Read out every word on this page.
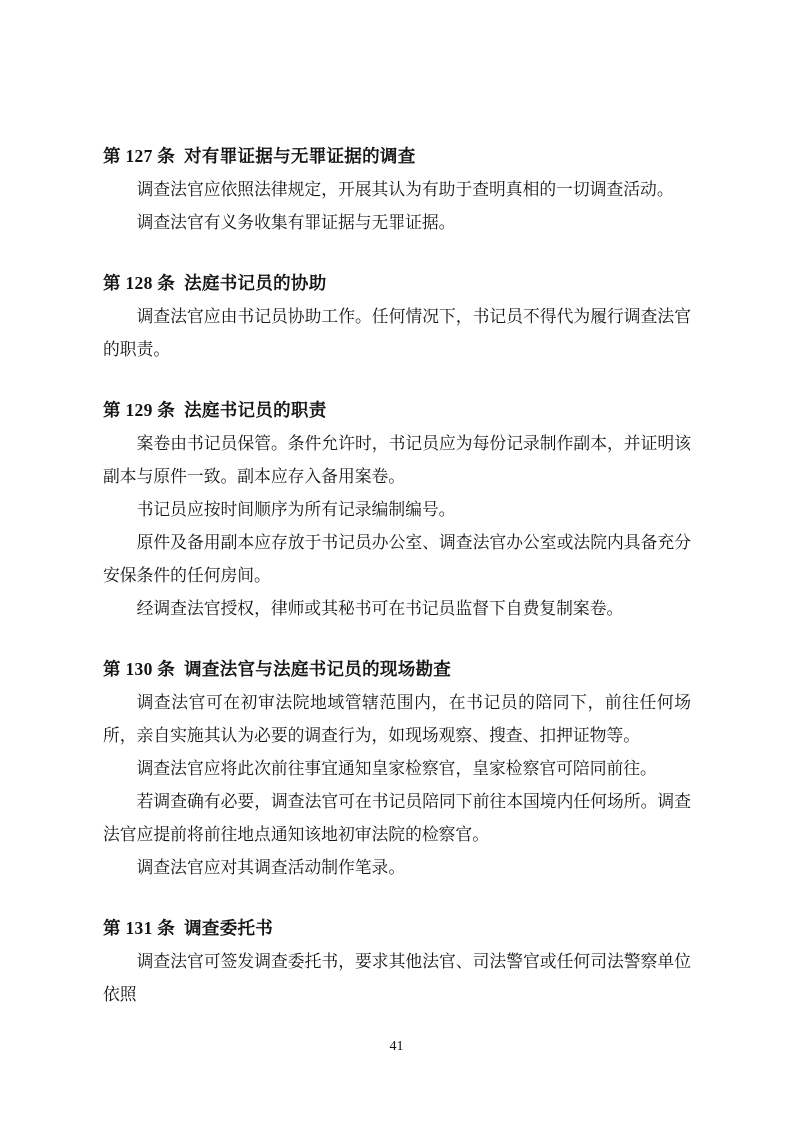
第 127 条 对有罪证据与无罪证据的调查

调查法官应依照法律规定，开展其认为有助于查明真相的一切调查活动。

调查法官有义务收集有罪证据与无罪证据。

第 128 条 法庭书记员的协助

调查法官应由书记员协助工作。任何情况下，书记员不得代为履行调查法官的职责。

第 129 条 法庭书记员的职责

案卷由书记员保管。条件允许时，书记员应为每份记录制作副本，并证明该副本与原件一致。副本应存入备用案卷。

书记员应按时间顺序为所有记录编制编号。

原件及备用副本应存放于书记员办公室、调查法官办公室或法院内具备充分安保条件的任何房间。

经调查法官授权，律师或其秘书可在书记员监督下自费复制案卷。

第 130 条 调查法官与法庭书记员的现场勘查

调查法官可在初审法院地域管辖范围内，在书记员的陪同下，前往任何场所，亲自实施其认为必要的调查行为，如现场观察、搜查、扣押证物等。

调查法官应将此次前往事宜通知皇家检察官，皇家检察官可陪同前往。

若调查确有必要，调查法官可在书记员陪同下前往本国境内任何场所。调查法官应提前将前往地点通知该地初审法院的检察官。

调查法官应对其调查活动制作笔录。

第 131 条 调查委托书

调查法官可签发调查委托书，要求其他法官、司法警官或任何司法警察单位依照

41
